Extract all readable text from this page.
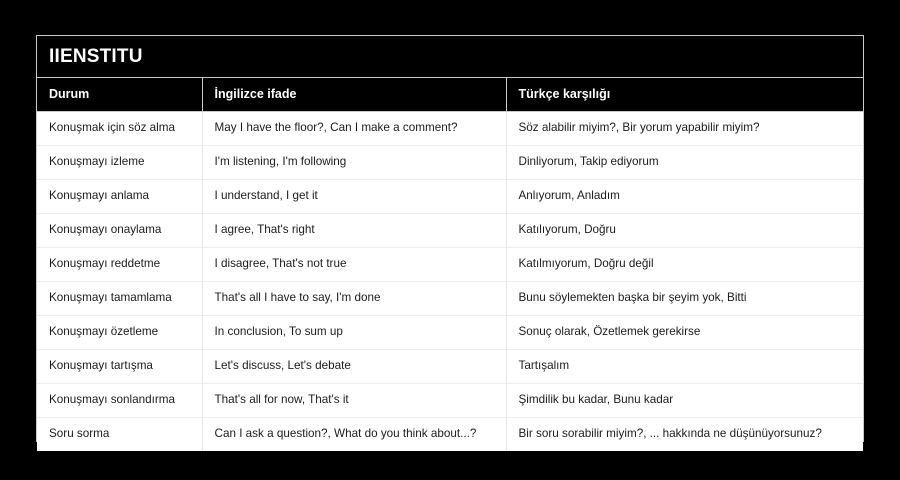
IIENSTITU
Durum	İngilizce ifade	Türkçe karşılığı
Konuşmak için söz alma	May I have the floor?, Can I make a comment?	Söz alabilir miyim?, Bir yorum yapabilir miyim?
Konuşmayı izleme	I'm listening, I'm following	Dinliyorum, Takip ediyorum
Konuşmayı anlama	I understand, I get it	Anlıyorum, Anladım
Konuşmayı onaylama	I agree, That's right	Katılıyorum, Doğru
Konuşmayı reddetme	I disagree, That's not true	Katılmıyorum, Doğru değil
Konuşmayı tamamlama	That's all I have to say, I'm done	Bunu söylemekten başka bir şeyim yok, Bitti
Konuşmayı özetleme	In conclusion, To sum up	Sonuç olarak, Özetlemek gerekirse
Konuşmayı tartışma	Let's discuss, Let's debate	Tartışalım
Konuşmayı sonlandırma	That's all for now, That's it	Şimdilik bu kadar, Bunu kadar
Soru sorma	Can I ask a question?, What do you think about...?	Bir soru sorabilir miyim?, ... hakkında ne düşünüyorsunuz?
